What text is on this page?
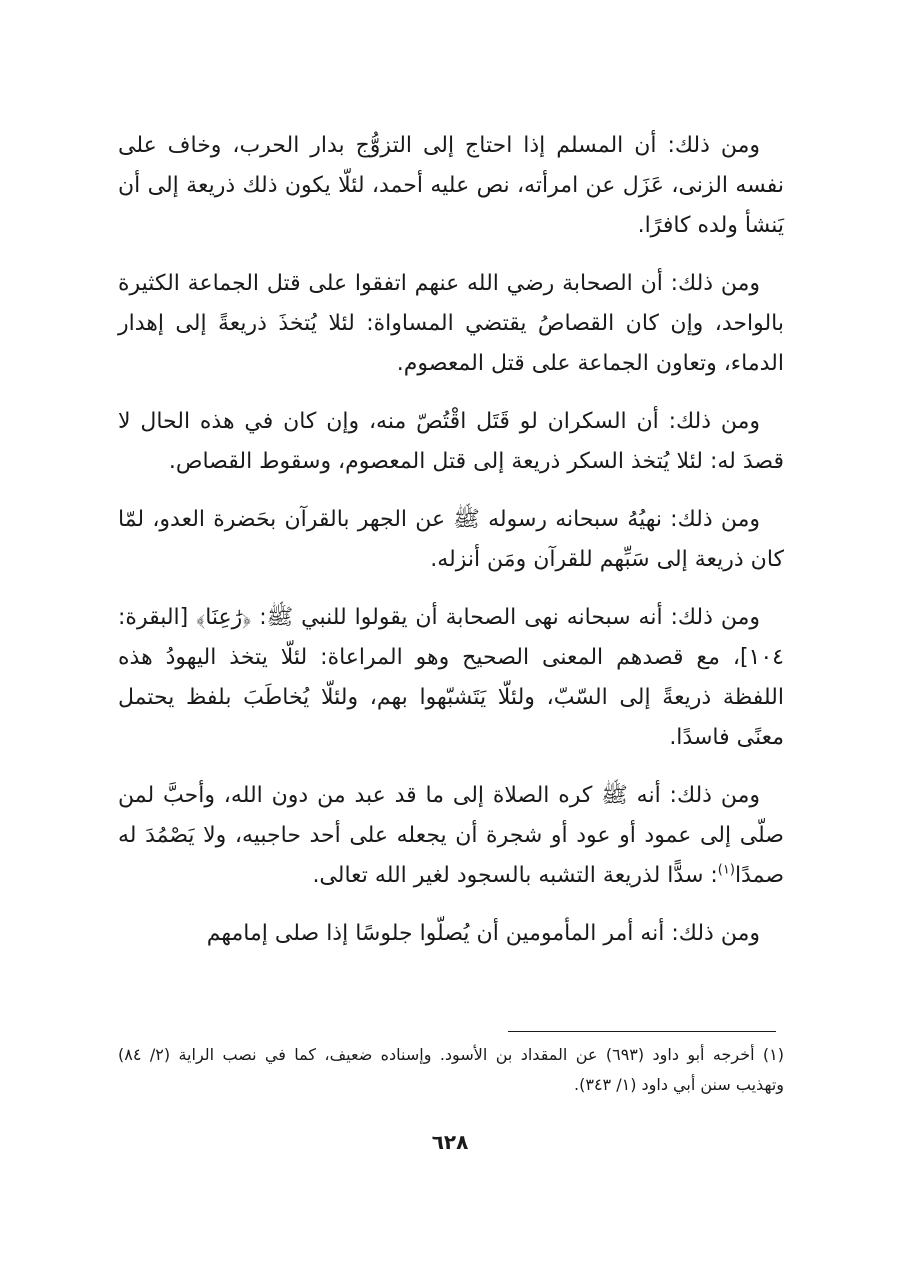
ومن ذلك: أن المسلم إذا احتاج إلى التزوُّج بدار الحرب، وخاف على نفسه الزنى، عَزَل عن امرأته، نص عليه أحمد، لئلّا يكون ذلك ذريعة إلى أن يَنشأ ولده كافرًا.

ومن ذلك: أن الصحابة رضي الله عنهم اتفقوا على قتل الجماعة الكثيرة بالواحد، وإن كان القصاصُ يقتضي المساواة: لئلا يُتخذَ ذريعةً إلى إهدار الدماء، وتعاون الجماعة على قتل المعصوم.

ومن ذلك: أن السكران لو قَتَل اقْتُصّ منه، وإن كان في هذه الحال لا قصدَ له: لئلا يُتخذ السكر ذريعة إلى قتل المعصوم، وسقوط القصاص.

ومن ذلك: نهيُهُ سبحانه رسوله ﷺ عن الجهر بالقرآن بحَضرة العدو، لمّا كان ذريعة إلى سَبِّهم للقرآن ومَن أنزله.

ومن ذلك: أنه سبحانه نهى الصحابة أن يقولوا للنبي ﷺ: ﴿رَٰعِنَا﴾ [البقرة: ١٠٤]، مع قصدهم المعنى الصحيح وهو المراعاة: لئلّا يتخذ اليهودُ هذه اللفظة ذريعةً إلى السّبّ، ولئلّا يَتَشبّهوا بهم، ولئلّا يُخاطَبَ بلفظ يحتمل معنًى فاسدًا.

ومن ذلك: أنه ﷺ كره الصلاة إلى ما قد عبد من دون الله، وأحبَّ لمن صلّى إلى عمود أو عود أو شجرة أن يجعله على أحد حاجبيه، ولا يَصْمُدَ له صمدًا$^{(١)}$: سدًّا لذريعة التشبه بالسجود لغير الله تعالى.

ومن ذلك: أنه أمر المأمومين أن يُصلّوا جلوسًا إذا صلى إمامهم

(١) أخرجه أبو داود (٦٩٣) عن المقداد بن الأسود. وإسناده ضعيف، كما في نصب الراية (٢/ ٨٤) وتهذيب سنن أبي داود (١/ ٣٤٣).

٦٢٨
